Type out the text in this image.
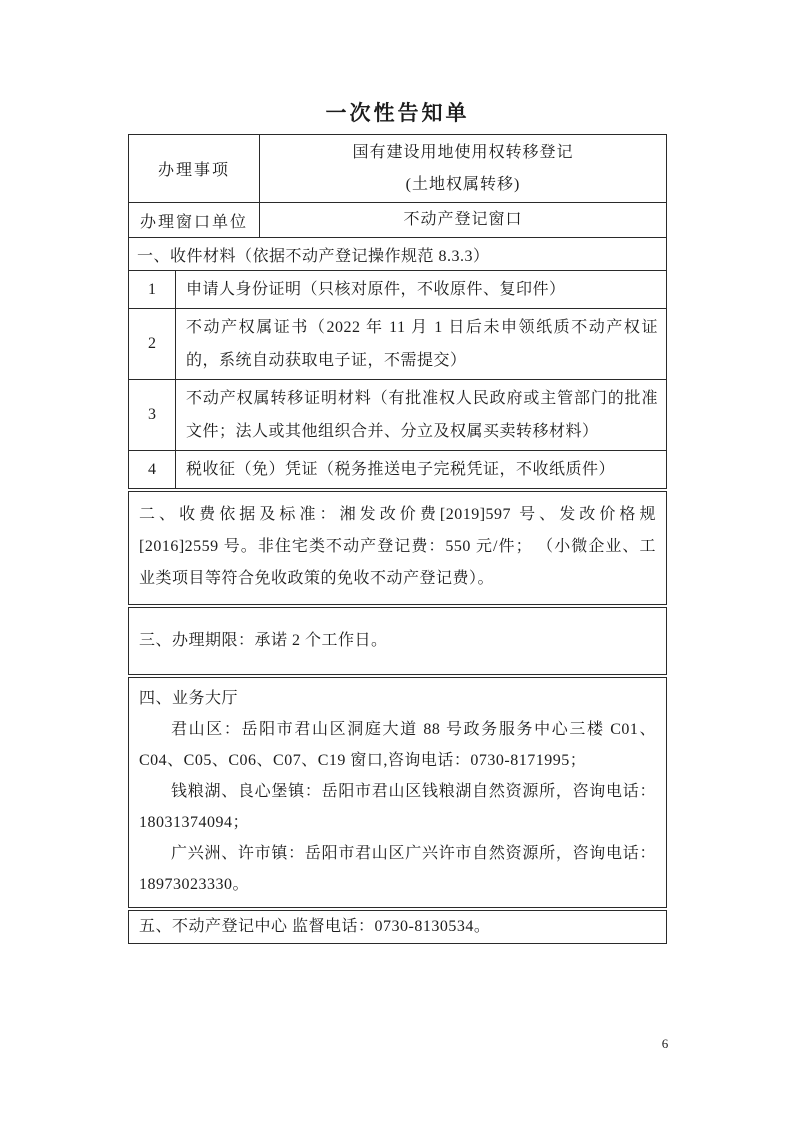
一次性告知单
办理事项		国有建设用地使用权转移登记
(土地权属转移)

办理窗口单位		不动产登记窗口
一、收件材料（依据不动产登记操作规范 8.3.3）		
1	申请人身份证明（只核对原件，不收原件、复印件）	
2	不动产权属证书（2022 年 11 月 1 日后未申领纸质不动产权证的，系统自动获取电子证，不需提交）	
3	不动产权属转移证明材料（有批准权人民政府或主管部门的批准文件；法人或其他组织合并、分立及权属买卖转移材料）	
4	税收征（免）凭证（税务推送电子完税凭证，不收纸质件）	
二、收费依据及标准：湘发改价费[2019]597 号、发改价格规[2016]2559 号。非住宅类不动产登记费：550 元/件； （小微企业、工业类项目等符合免收政策的免收不动产登记费）。
三、办理期限：承诺 2 个工作日。

四、业务大厅

君山区：岳阳市君山区洞庭大道 88 号政务服务中心三楼 C01、C04、C05、C06、C07、C19 窗口,咨询电话：0730-8171995；

钱粮湖、良心堡镇：岳阳市君山区钱粮湖自然资源所，咨询电话：18031374094；

广兴洲、许市镇：岳阳市君山区广兴许市自然资源所，咨询电话：18973023330。

五、不动产登记中心 监督电话：0730-8130534。
6
